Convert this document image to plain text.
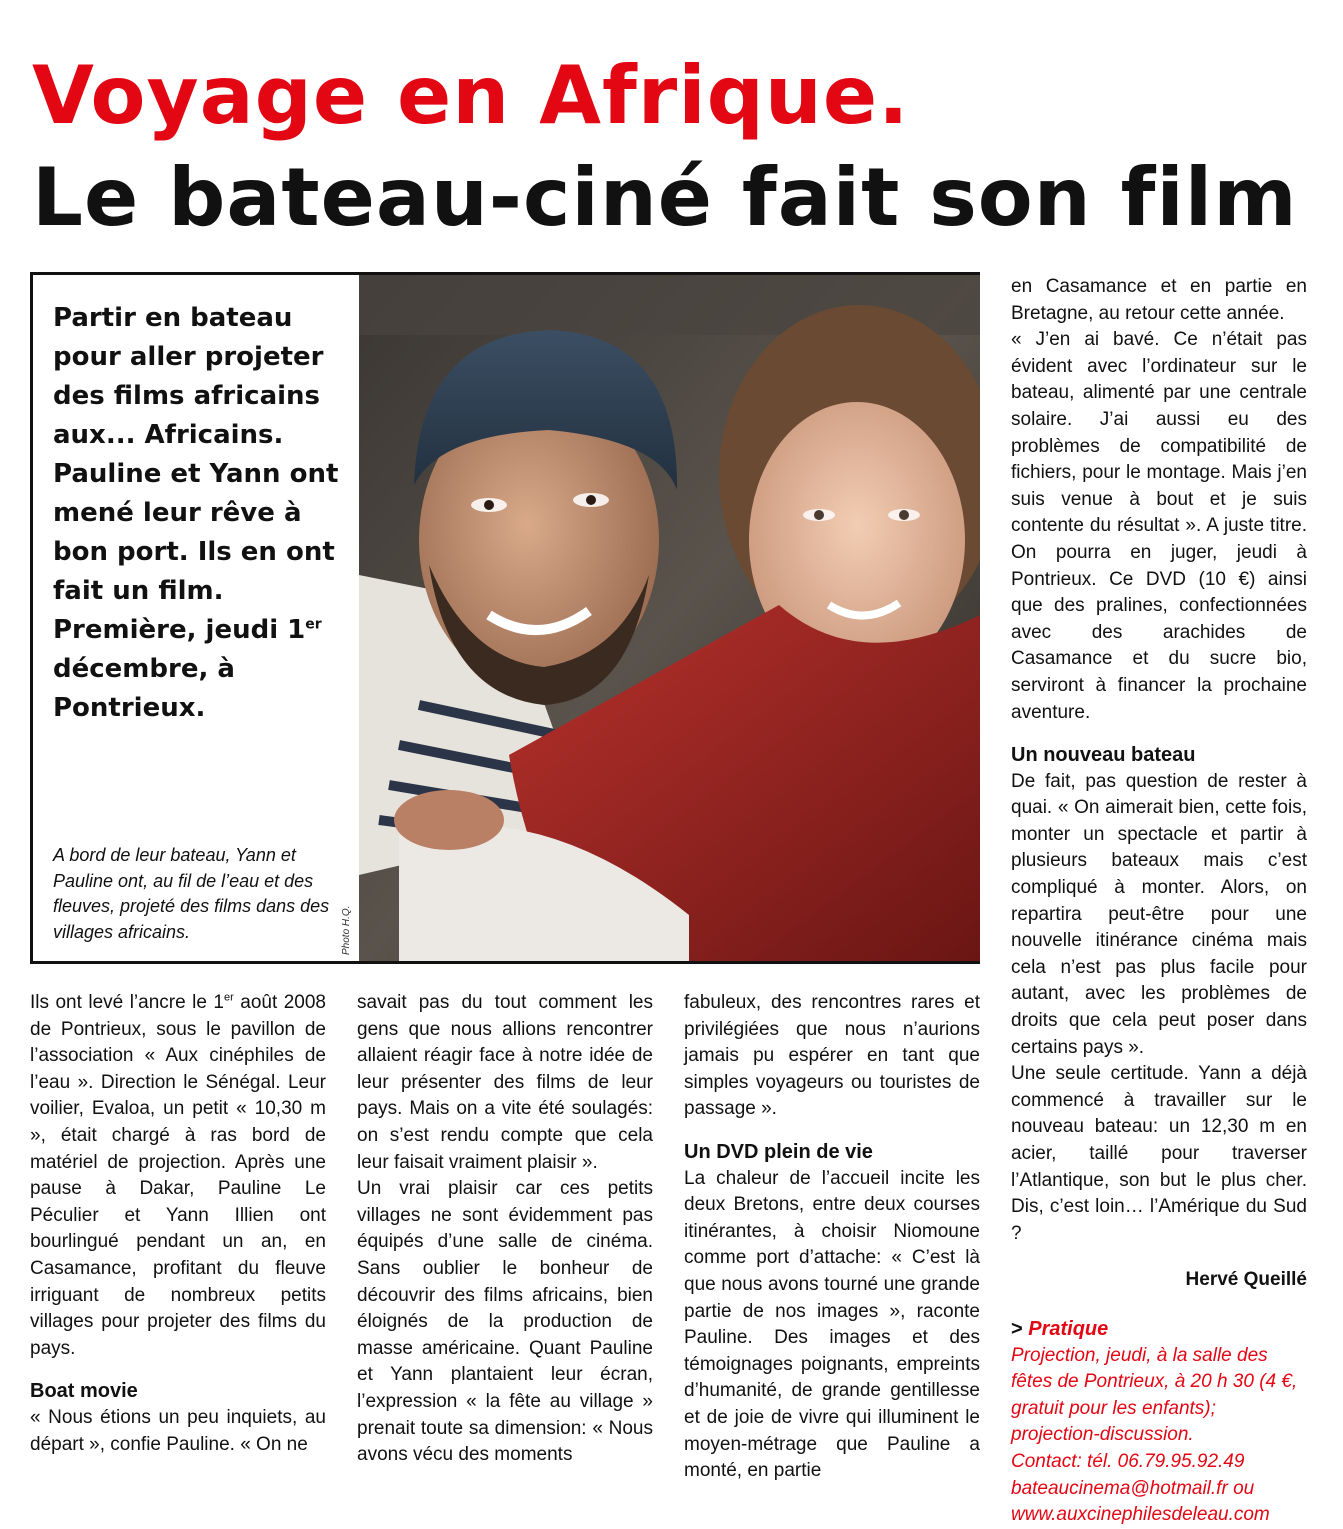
Voyage en Afrique.
Le bateau-ciné fait son film
Partir en bateau pour aller projeter des films africains aux... Africains. Pauline et Yann ont mené leur rêve à bon port. Ils en ont fait un film. Première, jeudi 1er décembre, à Pontrieux.
A bord de leur bateau, Yann et Pauline ont, au fil de l’eau et des fleuves, projeté des films dans des villages africains.	Photo H.Q.

Ils ont levé l’ancre le 1er août 2008 de Pontrieux, sous le pavillon de l’association « Aux cinéphiles de l’eau ». Direction le Sénégal. Leur voilier, Evaloa, un petit « 10,30 m », était chargé à ras bord de matériel de projection. Après une pause à Dakar, Pauline Le Péculier et Yann Illien ont bourlingué pendant un an, en Casamance, profitant du fleuve irriguant de nombreux petits villages pour projeter des films du pays.

Boat movie

« Nous étions un peu inquiets, au départ », confie Pauline. « On ne

savait pas du tout comment les gens que nous allions rencontrer allaient réagir face à notre idée de leur présenter des films de leur pays. Mais on a vite été soulagés: on s’est rendu compte que cela leur faisait vraiment plaisir ».

Un vrai plaisir car ces petits villages ne sont évidemment pas équipés d’une salle de cinéma. Sans oublier le bonheur de découvrir des films africains, bien éloignés de la production de masse américaine. Quant Pauline et Yann plantaient leur écran, l’expression « la fête au village » prenait toute sa dimension: « Nous avons vécu des moments

fabuleux, des rencontres rares et privilégiées que nous n’aurions jamais pu espérer en tant que simples voyageurs ou touristes de passage ».

Un DVD plein de vie

La chaleur de l’accueil incite les deux Bretons, entre deux courses itinérantes, à choisir Niomoune comme port d’attache: « C’est là que nous avons tourné une grande partie de nos images », raconte Pauline. Des images et des témoignages poignants, empreints d’humanité, de grande gentillesse et de joie de vivre qui illuminent le moyen-métrage que Pauline a monté, en partie

en Casamance et en partie en Bretagne, au retour cette année.

« J’en ai bavé. Ce n’était pas évident avec l’ordinateur sur le bateau, alimenté par une centrale solaire. J’ai aussi eu des problèmes de compatibilité de fichiers, pour le montage. Mais j’en suis venue à bout et je suis contente du résultat ». A juste titre. On pourra en juger, jeudi à Pontrieux. Ce DVD (10 €) ainsi que des pralines, confectionnées avec des arachides de Casamance et du sucre bio, serviront à financer la prochaine aventure.

Un nouveau bateau

De fait, pas question de rester à quai. « On aimerait bien, cette fois, monter un spectacle et partir à plusieurs bateaux mais c’est compliqué à monter. Alors, on repartira peut-être pour une nouvelle itinérance cinéma mais cela n’est pas plus facile pour autant, avec les problèmes de droits que cela peut poser dans certains pays ».

Une seule certitude. Yann a déjà commencé à travailler sur le nouveau bateau: un 12,30 m en acier, taillé pour traverser l’Atlantique, son but le plus cher. Dis, c’est loin… l’Amérique du Sud ?

Hervé Queillé

> Pratique

Projection, jeudi, à la salle des fêtes de Pontrieux, à 20 h 30 (4 €, gratuit pour les enfants); projection-discussion.

Contact: tél. 06.79.95.92.49

bateaucinema@hotmail.fr ou

www.auxcinephilesdeleau.com
